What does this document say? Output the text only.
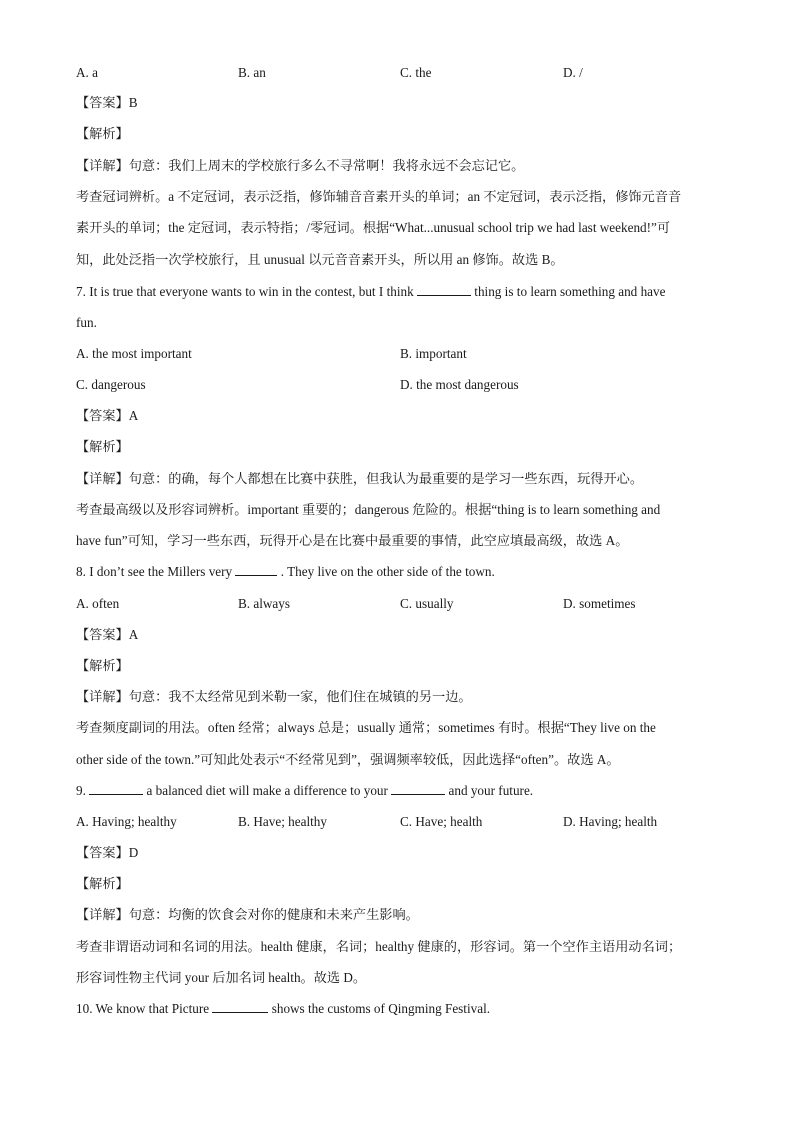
A. a	B. an	C. the	D. /
【答案】B
【解析】
【详解】句意：我们上周末的学校旅行多么不寻常啊！我将永远不会忘记它。
考查冠词辨析。a 不定冠词，表示泛指，修饰辅音音素开头的单词；an 不定冠词，表示泛指，修饰元音音
素开头的单词；the 定冠词，表示特指；/零冠词。根据“What...unusual school trip we had last weekend!”可
知，此处泛指一次学校旅行，且 unusual 以元音音素开头，所以用 an 修饰。故选 B。
7. It is true that everyone wants to win in the contest, but I think	thing is to learn something and have
fun.
A. the most important	B. important
C. dangerous	D. the most dangerous
【答案】A
【解析】
【详解】句意：的确，每个人都想在比赛中获胜，但我认为最重要的是学习一些东西，玩得开心。
考查最高级以及形容词辨析。important 重要的；dangerous 危险的。根据“thing is to learn something and
have fun”可知，学习一些东西，玩得开心是在比赛中最重要的事情，此空应填最高级，故选 A。
8. I don’t see the Millers very	. They live on the other side of the town.
A. often	B. always	C. usually	D. sometimes
【答案】A
【解析】
【详解】句意：我不太经常见到米勒一家，他们住在城镇的另一边。
考查频度副词的用法。often 经常；always 总是；usually 通常；sometimes 有时。根据“They live on the
other side of the town.”可知此处表示“不经常见到”，强调频率较低，因此选择“often”。故选 A。
9.	a balanced diet will make a difference to your	and your future.
A. Having; healthy	B. Have; healthy	C. Have; health	D. Having; health
【答案】D
【解析】
【详解】句意：均衡的饮食会对你的健康和未来产生影响。
考查非谓语动词和名词的用法。health 健康，名词；healthy 健康的，形容词。第一个空作主语用动名词；
形容词性物主代词 your 后加名词 health。故选 D。
10. We know that Picture	shows the customs of Qingming Festival.
